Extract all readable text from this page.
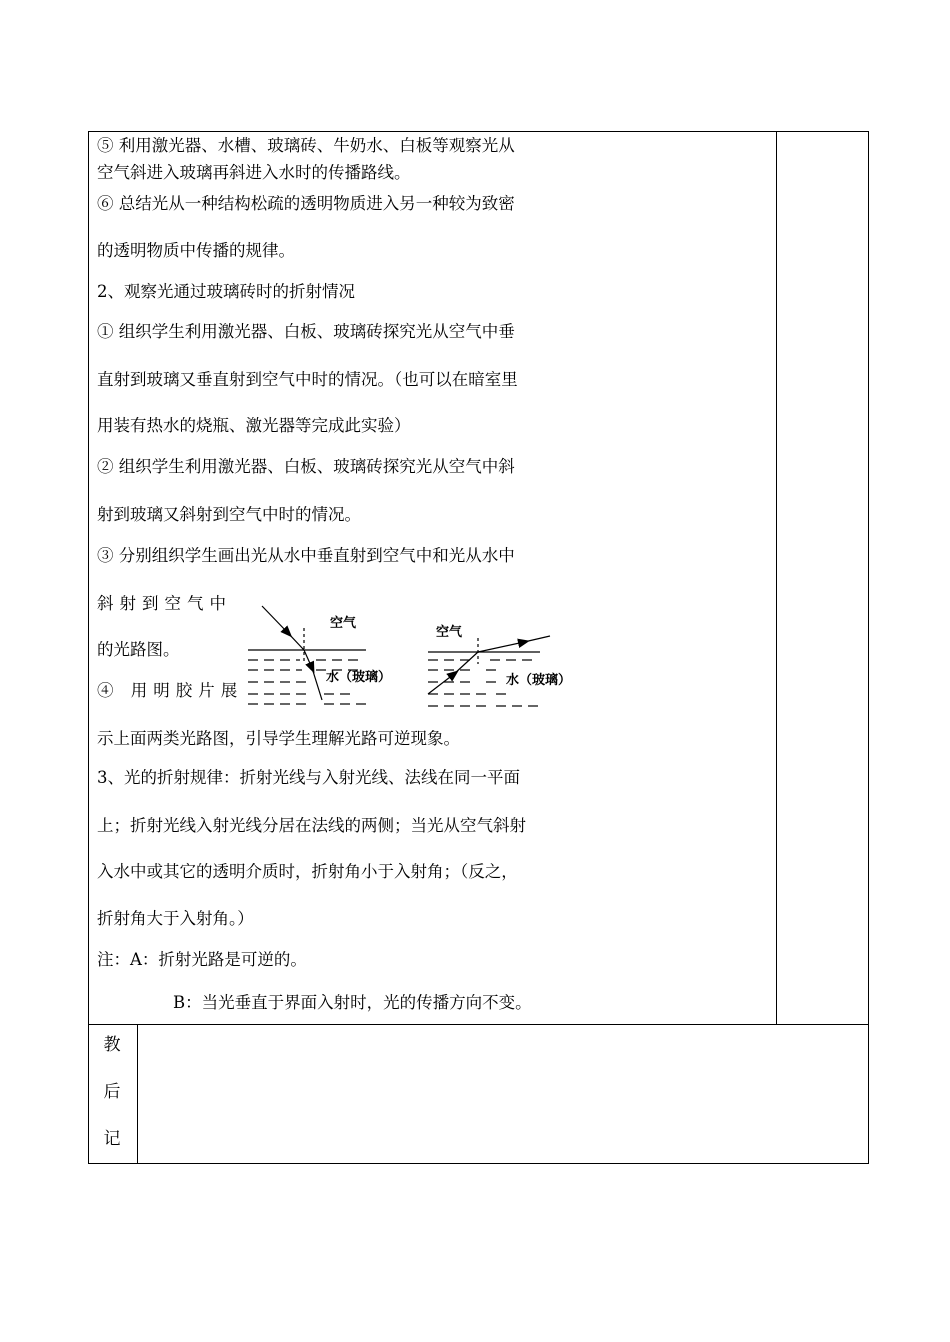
⑤ 利用激光器、水槽、玻璃砖、牛奶水、白板等观察光从
空气斜进入玻璃再斜进入水时的传播路线。
⑥ 总结光从一种结构松疏的透明物质进入另一种较为致密
的透明物质中传播的规律。
2、观察光通过玻璃砖时的折射情况
① 组织学生利用激光器、白板、玻璃砖探究光从空气中垂
直射到玻璃又垂直射到空气中时的情况。（也可以在暗室里
用装有热水的烧瓶、激光器等完成此实验）
② 组织学生利用激光器、白板、玻璃砖探究光从空气中斜
射到玻璃又斜射到空气中时的情况。
③ 分别组织学生画出光从水中垂直射到空气中和光从水中
斜射到空气中
的光路图。
④ 用明胶片展
示上面两类光路图，引导学生理解光路可逆现象。
3、光的折射规律：折射光线与入射光线、法线在同一平面
上；折射光线入射光线分居在法线的两侧；当光从空气斜射
入水中或其它的透明介质时，折射角小于入射角；（反之，
折射角大于入射角。）
注：A：折射光路是可逆的。
B：当光垂直于界面入射时，光的传播方向不变。
空气
水（玻璃）
空气
水（玻璃）
教
后
记
